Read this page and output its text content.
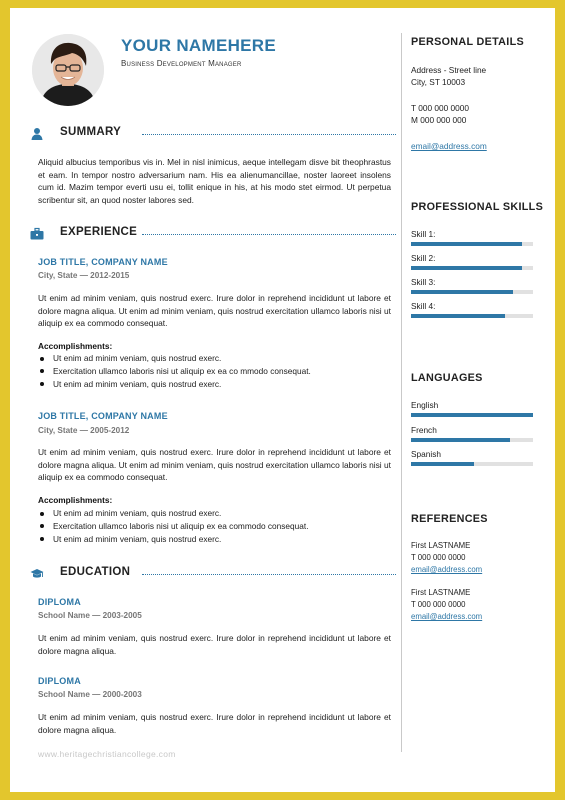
YOUR NAMEHERE
Business Development Manager
SUMMARY

Aliquid albucius temporibus vis in. Mel in nisl inimicus, aeque intellegam disve bit theophrastus et eam. In tempor nostro adversarium nam. His ea alienumancillae, noster laoreet insolens cum id. Mazim tempor everti usu ei, tollit enique in his, at his modo stet eirmod. Ut perpetua scribentur sit, an quod noster labores sed.

EXPERIENCE
JOB TITLE, COMPANY NAME
City, State — 2012-2015

Ut enim ad minim veniam, quis nostrud exerc. Irure dolor in reprehend incididunt ut labore et dolore magna aliqua. Ut enim ad minim veniam, quis nostrud exercitation ullamco laboris nisi ut aliquip ex ea commodo consequat.

Accomplishments:
Ut enim ad minim veniam, quis nostrud exerc.
Exercitation ullamco laboris nisi ut aliquip ex ea co mmodo consequat.
Ut enim ad minim veniam, quis nostrud exerc.
JOB TITLE, COMPANY NAME
City, State — 2005-2012

Ut enim ad minim veniam, quis nostrud exerc. Irure dolor in reprehend incididunt ut labore et dolore magna aliqua. Ut enim ad minim veniam, quis nostrud exercitation ullamco laboris nisi ut aliquip ex ea commodo consequat.

Accomplishments:
Ut enim ad minim veniam, quis nostrud exerc.
Exercitation ullamco laboris nisi ut aliquip ex ea commodo consequat.
Ut enim ad minim veniam, quis nostrud exerc.
EDUCATION
DIPLOMA
School Name — 2003-2005

Ut enim ad minim veniam, quis nostrud exerc. Irure dolor in reprehend incididunt ut labore et dolore magna aliqua.

DIPLOMA
School Name — 2000-2003

Ut enim ad minim veniam, quis nostrud exerc. Irure dolor in reprehend incididunt ut labore et dolore magna aliqua.

www.heritagechristiancollege.com
PERSONAL DETAILS
Address - Street line
City, ST 10003
T 000 000 0000
M 000 000 000
email@address.com
PROFESSIONAL SKILLS
Skill 1:
Skill 2:
Skill 3:
Skill 4:
LANGUAGES
English
French
Spanish
REFERENCES
First LASTNAME
T 000 000 0000
email@address.com
First LASTNAME
T 000 000 0000
email@address.com
